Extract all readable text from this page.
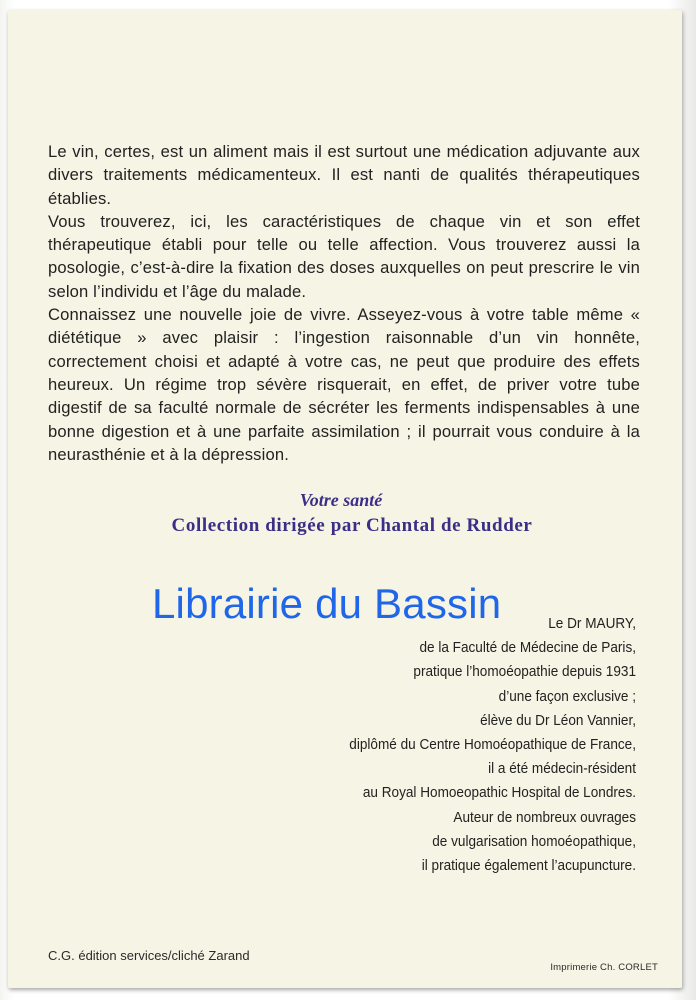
Le vin, certes, est un aliment mais il est surtout une médication adjuvante aux divers traitements médicamenteux. Il est nanti de qualités thérapeutiques établies.

Vous trouverez, ici, les caractéristiques de chaque vin et son effet thérapeutique établi pour telle ou telle affection. Vous trouverez aussi la posologie, c’est-à-dire la fixation des doses auxquelles on peut prescrire le vin selon l’individu et l’âge du malade.

Connaissez une nouvelle joie de vivre. Asseyez-vous à votre table même « diététique » avec plaisir : l’ingestion raisonnable d’un vin honnête, correctement choisi et adapté à votre cas, ne peut que produire des effets heureux. Un régime trop sévère risquerait, en effet, de priver votre tube digestif de sa faculté normale de sécréter les ferments indispensables à une bonne digestion et à une parfaite assimilation ; il pourrait vous conduire à la neurasthénie et à la dépression.

Votre santé
Collection dirigée par Chantal de Rudder
Le Dr MAURY,
de la Faculté de Médecine de Paris,
pratique l’homoéopathie depuis 1931
d’une façon exclusive ;
élève du Dr Léon Vannier,
diplômé du Centre Homoéopathique de France,
il a été médecin-résident
au Royal Homoeopathic Hospital de Londres.
Auteur de nombreux ouvrages
de vulgarisation homoéopathique,
il pratique également l’acupuncture.
Librairie du Bassin
C.G. édition services/cliché Zarand
Imprimerie Ch. CORLET
